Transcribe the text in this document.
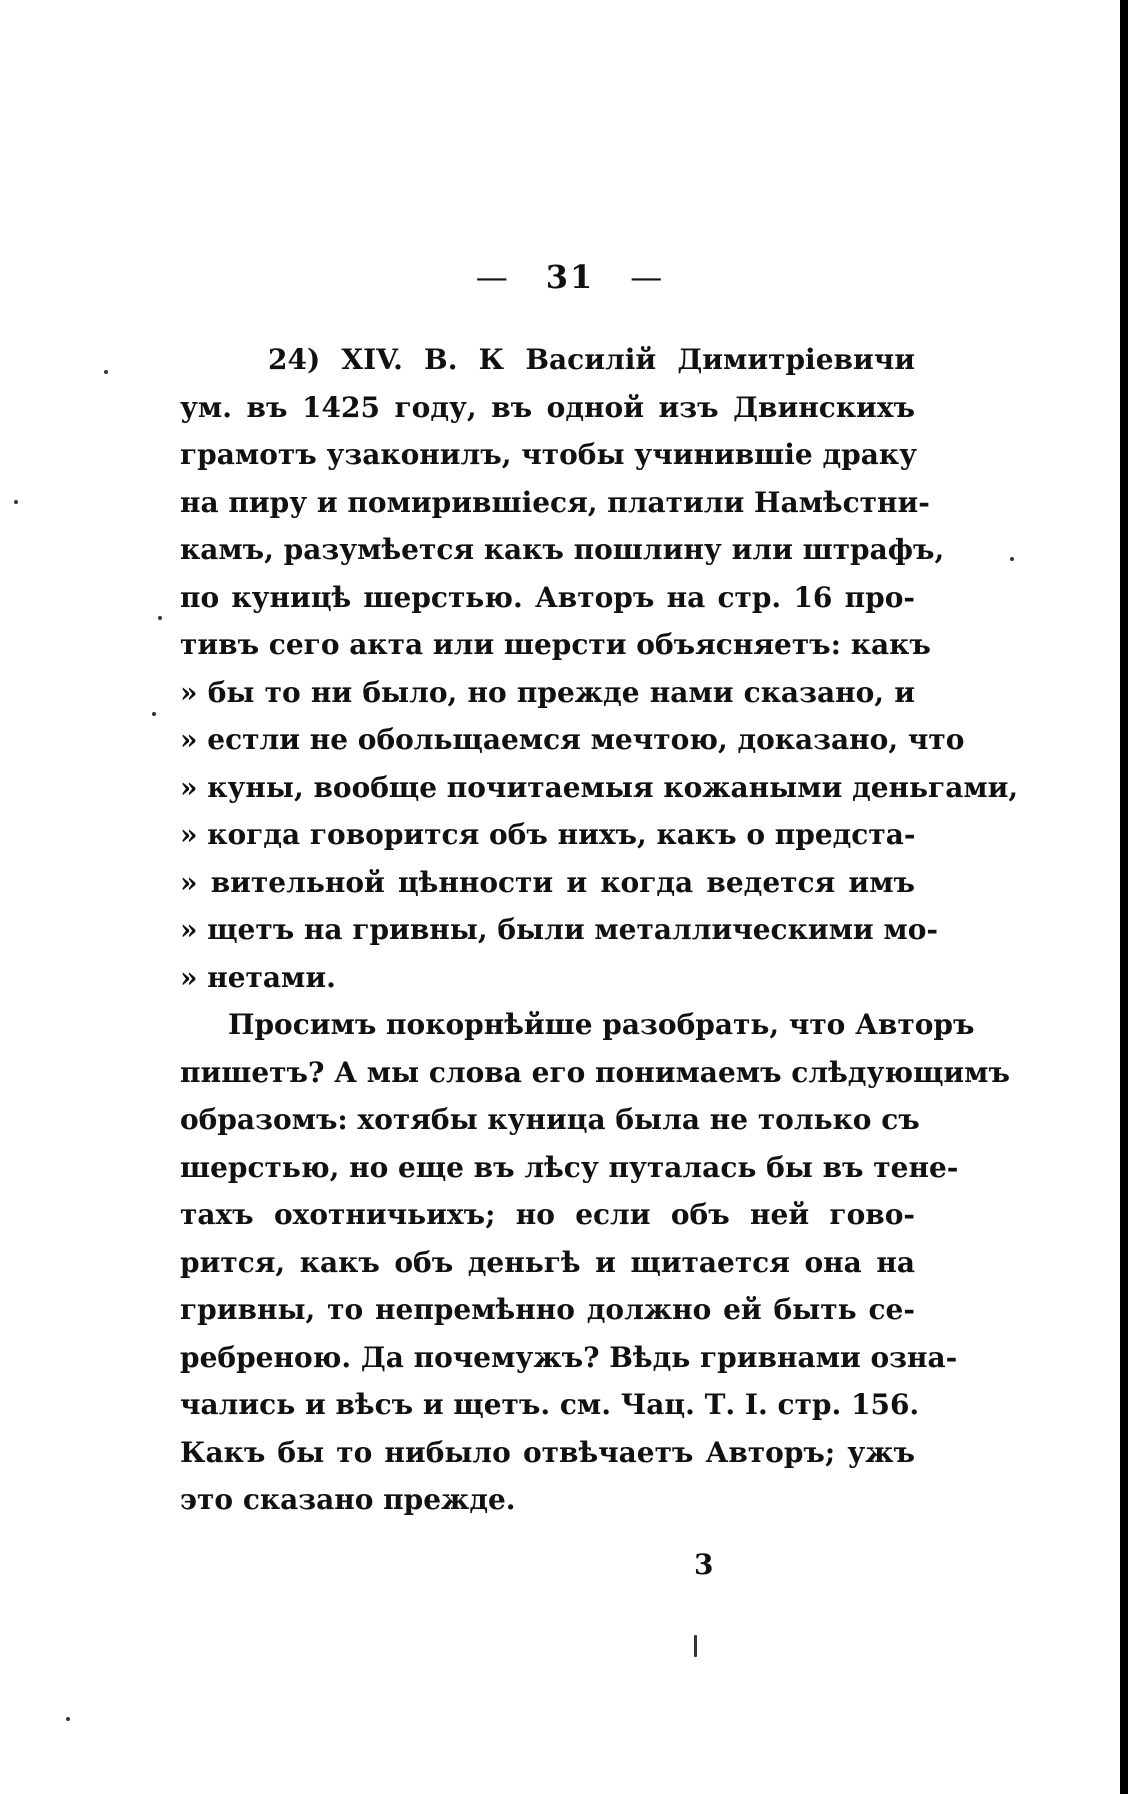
— 31 —
24) XIV. В. К Василій Димитріевичи
ум. въ 1425 году, въ одной изъ Двинскихъ
грамотъ узаконилъ, чтобы учинившіе драку
на пиру и помирившіеся, платили Намѣстни-
камъ, разумѣется какъ пошлину или штрафъ,
по куницѣ шерстью. Авторъ на стр. 16 про-
тивъ сего акта или шерсти объясняетъ: какъ
» бы то ни было, но прежде нами сказано, и
» естли не обольщаемся мечтою, доказано, что
» куны, вообще почитаемыя кожаными деньгами,
» когда говорится объ нихъ, какъ о предста-
» вительной цѣнности и когда ведется имъ
» щетъ на гривны, были металлическими мо-
» нетами.
Просимъ покорнѣйше разобрать, что Авторъ
пишетъ? А мы слова его понимаемъ слѣдующимъ
образомъ: хотябы куница была не только съ
шерстью, но еще въ лѣсу путалась бы въ тене-
тахъ охотничьихъ; но если объ ней гово-
рится, какъ объ деньгѣ и щитается она на
гривны, то непремѣнно должно ей быть се-
ребреною. Да почемужъ? Вѣдь гривнами озна-
чались и вѣсъ и щетъ. см. Чац. Т. I. стр. 156.
Какъ бы то нибыло отвѣчаетъ Авторъ; ужъ
это сказано прежде.
3
